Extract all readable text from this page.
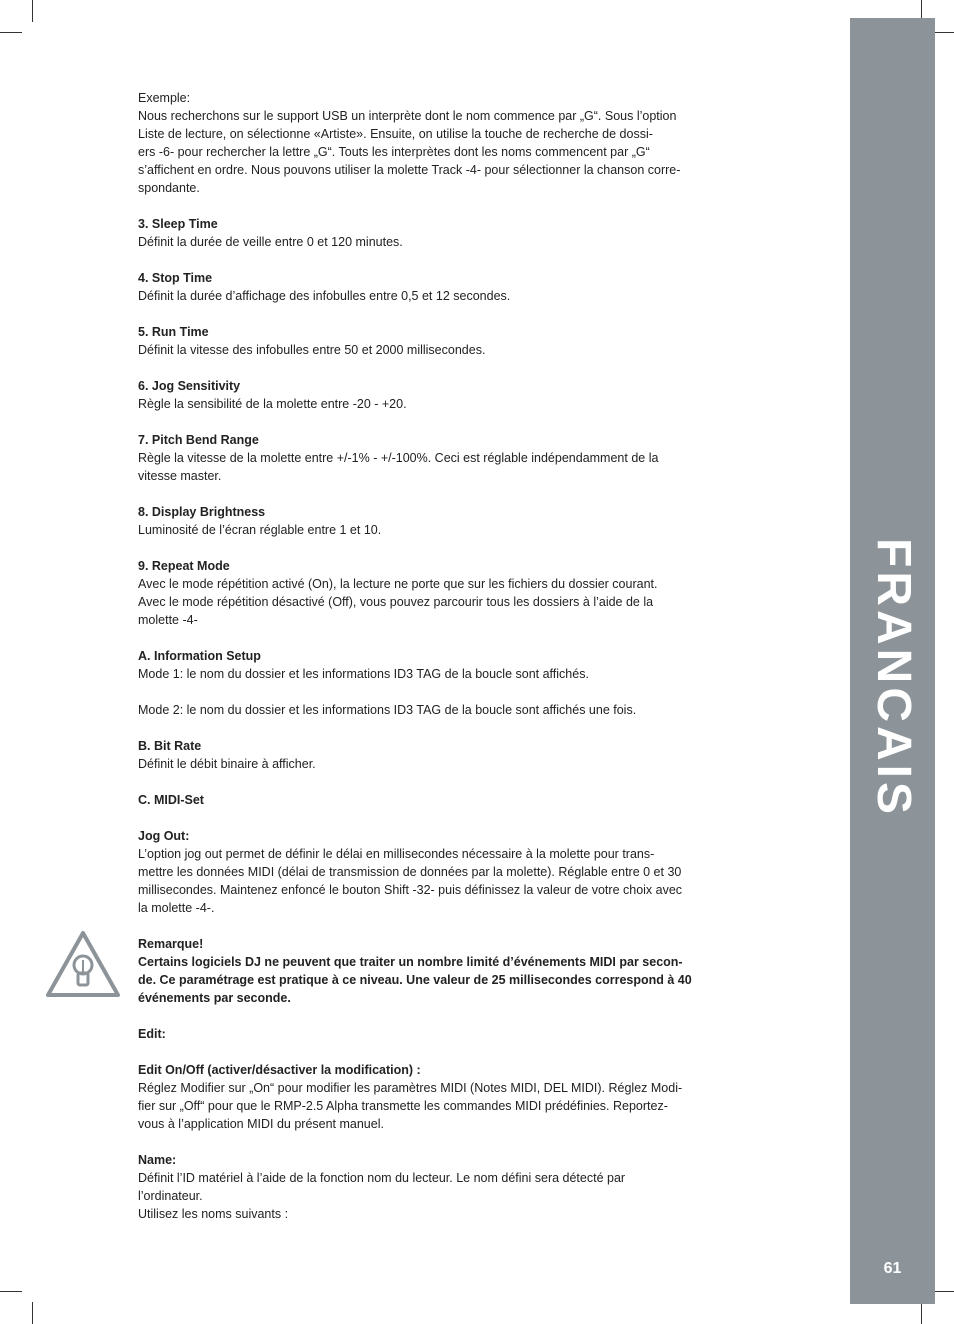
FRANCAIS
61

Exemple:

Nous recherchons sur le support USB un interprète dont le nom commence par „G“. Sous l’option

Liste de lecture, on sélectionne «Artiste». Ensuite, on utilise la touche de recherche de dossi-

ers -6- pour rechercher la lettre „G“. Touts les interprètes dont les noms commencent par „G“

s’affichent en ordre. Nous pouvons utiliser la molette Track -4- pour sélectionner la chanson corre-

spondante.

3. Sleep Time

Définit la durée de veille entre 0 et 120 minutes.

4. Stop Time

Définit la durée d’affichage des infobulles entre 0,5 et 12 secondes.

5. Run Time

Définit la vitesse des infobulles entre 50 et 2000 millisecondes.

6. Jog Sensitivity

Règle la sensibilité de la molette entre -20 - +20.

7. Pitch Bend Range

Règle la vitesse de la molette entre +/-1% - +/-100%. Ceci est réglable indépendamment de la

vitesse master.

8. Display Brightness

Luminosité de l’écran réglable entre 1 et 10.

9. Repeat Mode

Avec le mode répétition activé (On), la lecture ne porte que sur les fichiers du dossier courant.

Avec le mode répétition désactivé (Off), vous pouvez parcourir tous les dossiers à l’aide de la

molette -4-

A. Information Setup

Mode 1: le nom du dossier et les informations ID3 TAG de la boucle sont affichés.

Mode 2: le nom du dossier et les informations ID3 TAG de la boucle sont affichés une fois.

B. Bit Rate

Définit le débit binaire à afficher.

C. MIDI-Set

Jog Out:

L’option jog out permet de définir le délai en millisecondes nécessaire à la molette pour trans-

mettre les données MIDI (délai de transmission de données par la molette). Réglable entre 0 et 30

millisecondes. Maintenez enfoncé le bouton Shift -32- puis définissez la valeur de votre choix avec

la molette -4-.

Remarque!

Certains logiciels DJ ne peuvent que traiter un nombre limité d’événements MIDI par secon-

de. Ce paramétrage est pratique à ce niveau. Une valeur de 25 millisecondes correspond à 40

événements par seconde.

Edit:

Edit On/Off (activer/désactiver la modification) :

Réglez Modifier sur „On“ pour modifier les paramètres MIDI (Notes MIDI, DEL MIDI). Réglez Modi-

fier sur „Off“ pour que le RMP-2.5 Alpha transmette les commandes MIDI prédéfinies. Reportez-

vous à l’application MIDI du présent manuel.

Name:

Définit l’ID matériel à l’aide de la fonction nom du lecteur. Le nom défini sera détecté par

l’ordinateur.

Utilisez les noms suivants :
